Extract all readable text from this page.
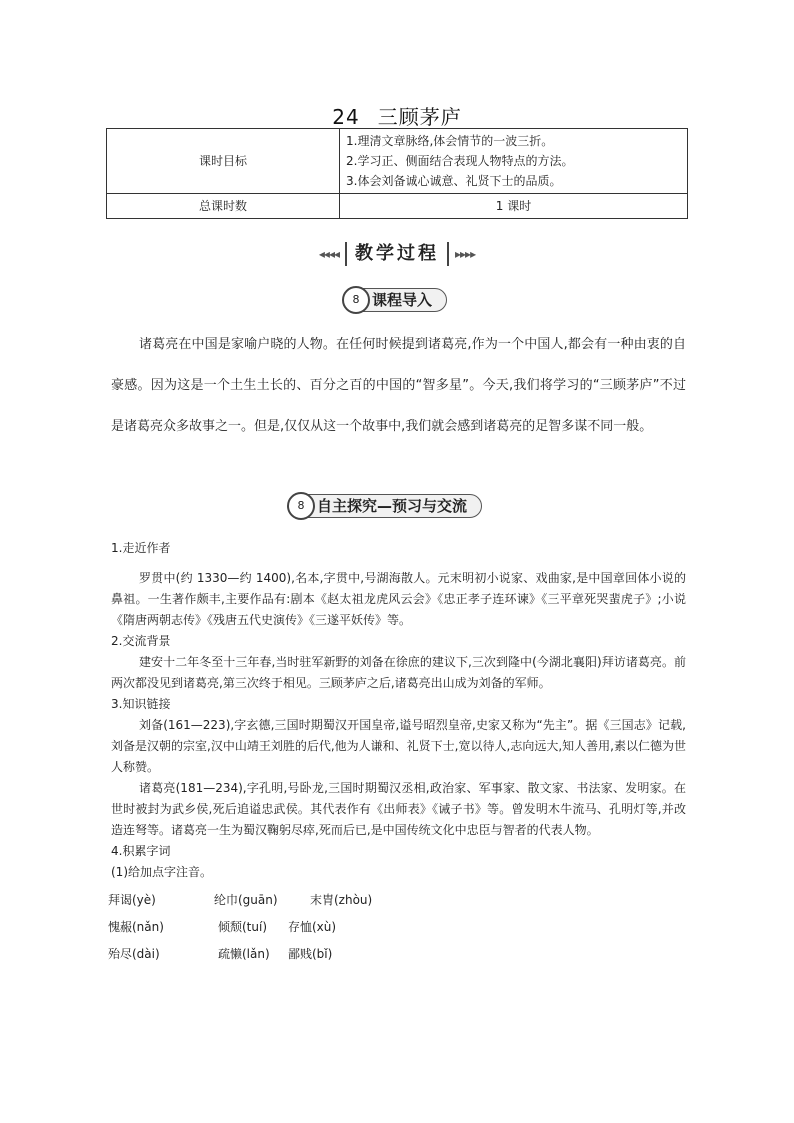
24 三顾茅庐
课时目标	1.理清文章脉络,体会情节的一波三折。
2.学习正、侧面结合表现人物特点的方法。
3.体会刘备诚心诚意、礼贤下士的品质。

总课时数	1 课时
◂◂◂◂ 教学过程 ▸▸▸▸
8 课程导入

诸葛亮在中国是家喻户晓的人物。在任何时候提到诸葛亮,作为一个中国人,都会有一种由衷的自豪感。因为这是一个土生土长的、百分之百的中国的“智多星”。今天,我们将学习的“三顾茅庐”不过是诸葛亮众多故事之一。但是,仅仅从这一个故事中,我们就会感到诸葛亮的足智多谋不同一般。

8 自主探究—预习与交流

1.走近作者

罗贯中(约 1330—约 1400),名本,字贯中,号湖海散人。元末明初小说家、戏曲家,是中国章回体小说的鼻祖。一生著作颇丰,主要作品有:剧本《赵太祖龙虎风云会》《忠正孝子连环谏》《三平章死哭蜚虎子》;小说《隋唐两朝志传》《残唐五代史演传》《三遂平妖传》等。

2.交流背景

建安十二年冬至十三年春,当时驻军新野的刘备在徐庶的建议下,三次到隆中(今湖北襄阳)拜访诸葛亮。前两次都没见到诸葛亮,第三次终于相见。三顾茅庐之后,诸葛亮出山成为刘备的军师。

3.知识链接

刘备(161—223),字玄德,三国时期蜀汉开国皇帝,谥号昭烈皇帝,史家又称为“先主”。据《三国志》记载,刘备是汉朝的宗室,汉中山靖王刘胜的后代,他为人谦和、礼贤下士,宽以待人,志向远大,知人善用,素以仁德为世人称赞。

诸葛亮(181—234),字孔明,号卧龙,三国时期蜀汉丞相,政治家、军事家、散文家、书法家、发明家。在世时被封为武乡侯,死后追谥忠武侯。其代表作有《出师表》《诫子书》等。曾发明木牛流马、孔明灯等,并改造连弩等。诸葛亮一生为蜀汉鞠躬尽瘁,死而后已,是中国传统文化中忠臣与智者的代表人物。

4.积累字词

(1)给加点字注音。

拜谒(yè)	纶巾(guān)	末胄(zhòu)
愧赧(nǎn)	倾颓(tuí) 存恤(xù)
殆尽(dài)	疏懒(lǎn) 鄙贱(bǐ)
